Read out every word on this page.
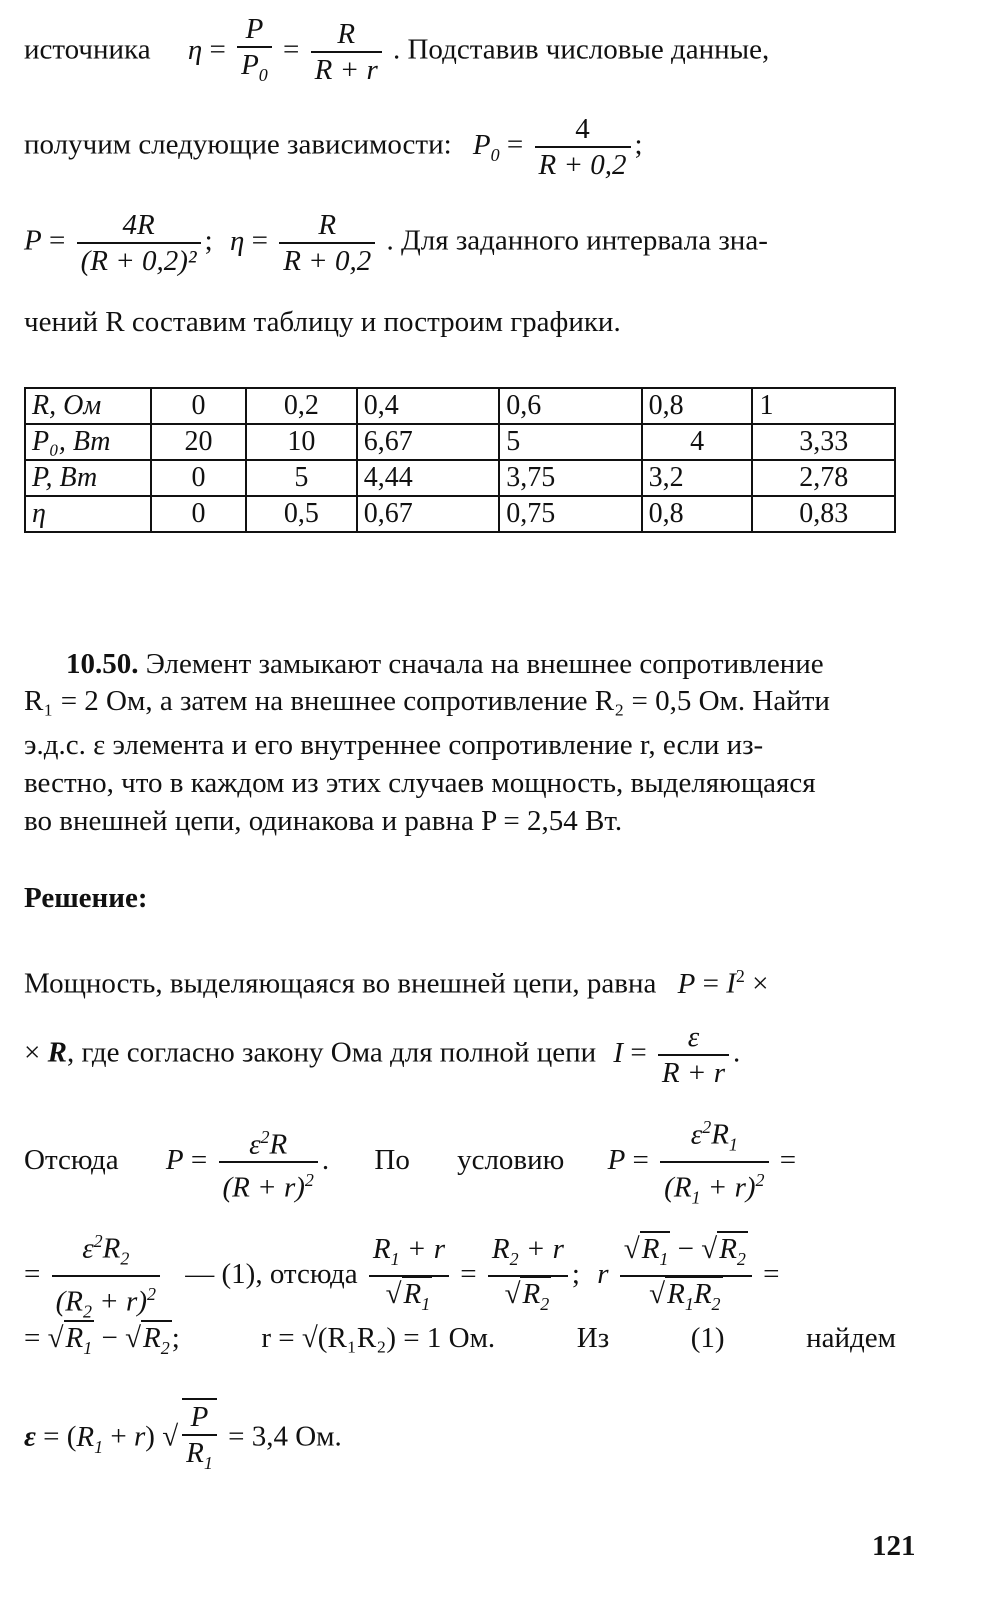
источника $\eta = \frac{P}{P_0} = \frac{R}{R + r}$ . Подставив числовые данные,
получим следующие зависимости: $P_0 = \frac{4}{R + 0,2}$ ;
$P = \frac{4R}{\text{(R + 0,2)²}}$ ; $\eta = \frac{R}{R + 0,2}$ . Для заданного интервала зна-
чений R составим таблицу и построим графики.
R, Ом	0	0,2	0,4	0,6	0,8	1
P₀, Вт	20	10	6,67	5	4	3,33
P, Вт	0	5	4,44	3,75	3,2	2,78
η	0	0,5	0,67	0,75	0,8	0,83
10.50. Элемент замыкают сначала на внешнее сопротивление
R₁ = 2 Ом, а затем на внешнее сопротивление R₂ = 0,5 Ом. Найти
э.д.с. ε элемента и его внутреннее сопротивление r, если из-
вестно, что в каждом из этих случаев мощность, выделяющаяся
во внешней цепи, одинакова и равна P = 2,54 Вт.
Решение:
Мощность, выделяющаяся во внешней цепи, равна $P = I^2$ ×
× R, где согласно закону Ома для полной цепи $I = \frac{\varepsilon}{R + r}$ .
Отсюда $P = \frac{\varepsilon^2R}{(R + r)^2}$ . По условию $P = \frac{\varepsilon^2R_1}{(R_1 + r)^2}$ =
= $\frac{\varepsilon^2R_2}{(R_2 + r)^2}$ — (1), отсюда $\frac{R_1 + r}{√R_1} = \frac{R_2 + r}{√R_2}$ ; r $\frac{√R_1 - √R_2}{√R_1R_2}$ =
= $√R_1 - √R_2$;	r = √(R₁R₂) = 1 Ом.	Из	(1)	найдем
$\varepsilon = (R_1 + r)$ √ $\frac{P}{R_1} = 3,4$ Ом.
121
